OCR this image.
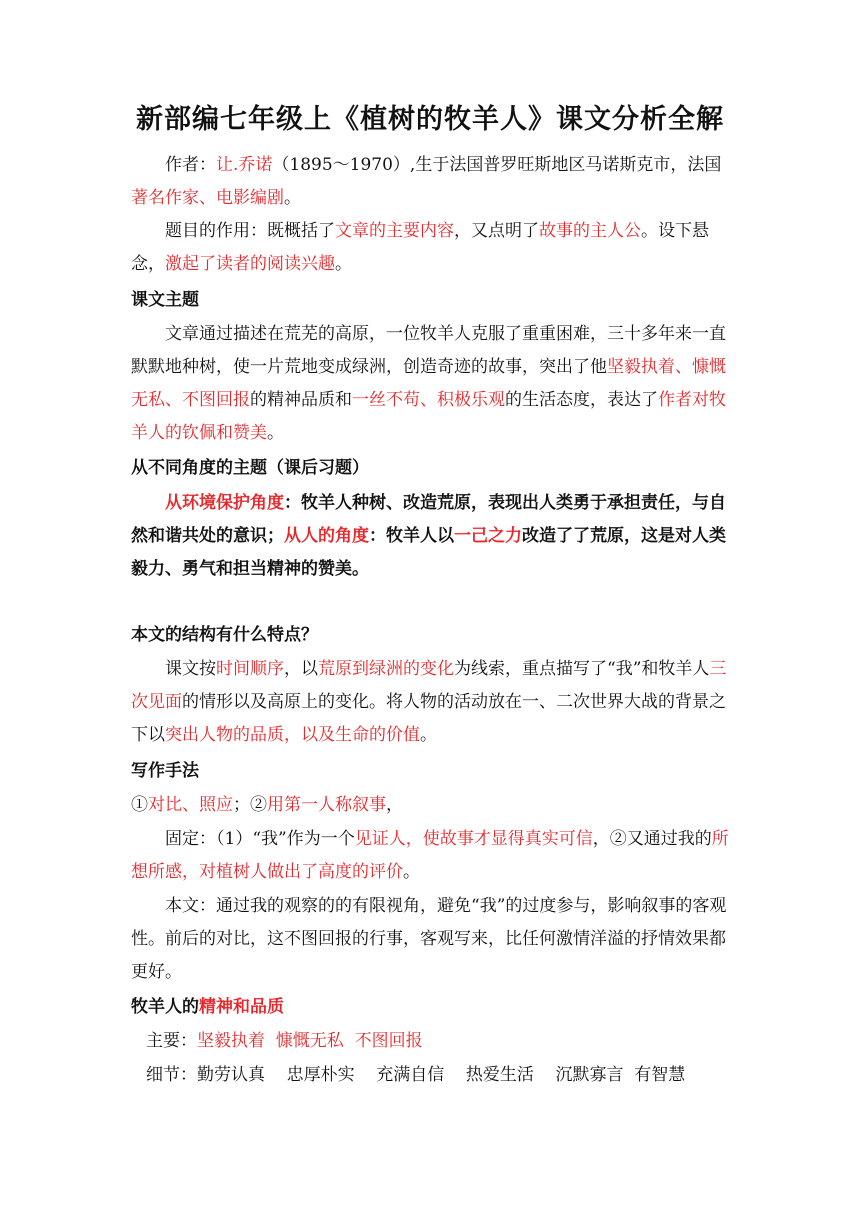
新部编七年级上《植树的牧羊人》课文分析全解
作者：让.乔诺（1895～1970）,生于法国普罗旺斯地区马诺斯克市，法国著名作家、电影编剧。
题目的作用：既概括了文章的主要内容，又点明了故事的主人公。设下悬念，激起了读者的阅读兴趣。
课文主题
文章通过描述在荒芜的高原，一位牧羊人克服了重重困难，三十多年来一直默默地种树，使一片荒地变成绿洲，创造奇迹的故事，突出了他坚毅执着、慷慨无私、不图回报的精神品质和一丝不苟、积极乐观的生活态度，表达了作者对牧羊人的钦佩和赞美。
从不同角度的主题（课后习题）
从环境保护角度：牧羊人种树、改造荒原，表现出人类勇于承担责任，与自然和谐共处的意识；从人的角度：牧羊人以一己之力改造了了荒原，这是对人类毅力、勇气和担当精神的赞美。
本文的结构有什么特点？
课文按时间顺序，以荒原到绿洲的变化为线索，重点描写了“我”和牧羊人三次见面的情形以及高原上的变化。将人物的活动放在一、二次世界大战的背景之下以突出人物的品质，以及生命的价值。
写作手法
①对比、照应；②用第一人称叙事，
固定：（1）“我”作为一个见证人，使故事才显得真实可信，②又通过我的所想所感，对植树人做出了高度的评价。
本文：通过我的观察的的有限视角，避免“我”的过度参与，影响叙事的客观性。前后的对比，这不图回报的行事，客观写来，比任何激情洋溢的抒情效果都更好。
牧羊人的精神和品质
主要：坚毅执着  慷慨无私  不图回报
细节：勤劳认真    忠厚朴实    充满自信    热爱生活    沉默寡言  有智慧
